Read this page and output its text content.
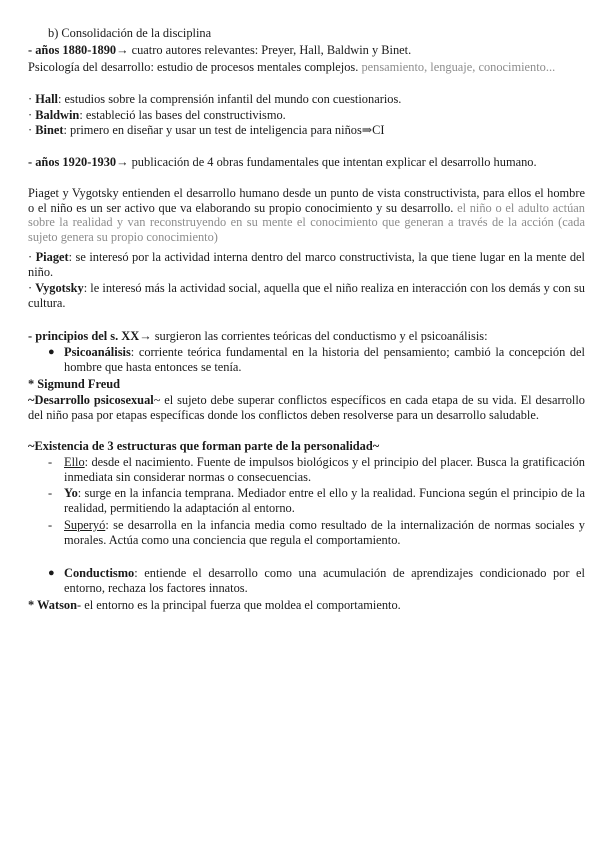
b) Consolidación de la disciplina

- años 1880-1890→ cuatro autores relevantes: Preyer, Hall, Baldwin y Binet.

Psicología del desarrollo: estudio de procesos mentales complejos. pensamiento, lenguaje, conocimiento...

· Hall: estudios sobre la comprensión infantil del mundo con cuestionarios.

· Baldwin: estableció las bases del constructivismo.

· Binet: primero en diseñar y usar un test de inteligencia para niños⇒CI

- años 1920-1930→ publicación de 4 obras fundamentales que intentan explicar el desarrollo humano.

Piaget y Vygotsky entienden el desarrollo humano desde un punto de vista constructivista, para ellos el hombre o el niño es un ser activo que va elaborando su propio conocimiento y su desarrollo. el niño o el adulto actúan sobre la realidad y van reconstruyendo en su mente el conocimiento que generan a través de la acción (cada sujeto genera su propio conocimiento)

· Piaget: se interesó por la actividad interna dentro del marco constructivista, la que tiene lugar en la mente del niño.

· Vygotsky: le interesó más la actividad social, aquella que el niño realiza en interacción con los demás y con su cultura.

- principios del s. XX→ surgieron las corrientes teóricas del conductismo y el psicoanálisis:

● Psicoanálisis: corriente teórica fundamental en la historia del pensamiento; cambió la concepción del hombre que hasta entonces se tenía.

* Sigmund Freud

~Desarrollo psicosexual~ el sujeto debe superar conflictos específicos en cada etapa de su vida. El desarrollo del niño pasa por etapas específicas donde los conflictos deben resolverse para un desarrollo saludable.

~Existencia de 3 estructuras que forman parte de la personalidad~

- Ello: desde el nacimiento. Fuente de impulsos biológicos y el principio del placer. Busca la gratificación inmediata sin considerar normas o consecuencias.

- Yo: surge en la infancia temprana. Mediador entre el ello y la realidad. Funciona según el principio de la realidad, permitiendo la adaptación al entorno.

- Superyó: se desarrolla en la infancia media como resultado de la internalización de normas sociales y morales. Actúa como una conciencia que regula el comportamiento.

● Conductismo: entiende el desarrollo como una acumulación de aprendizajes condicionado por el entorno, rechaza los factores innatos.

* Watson- el entorno es la principal fuerza que moldea el comportamiento.
